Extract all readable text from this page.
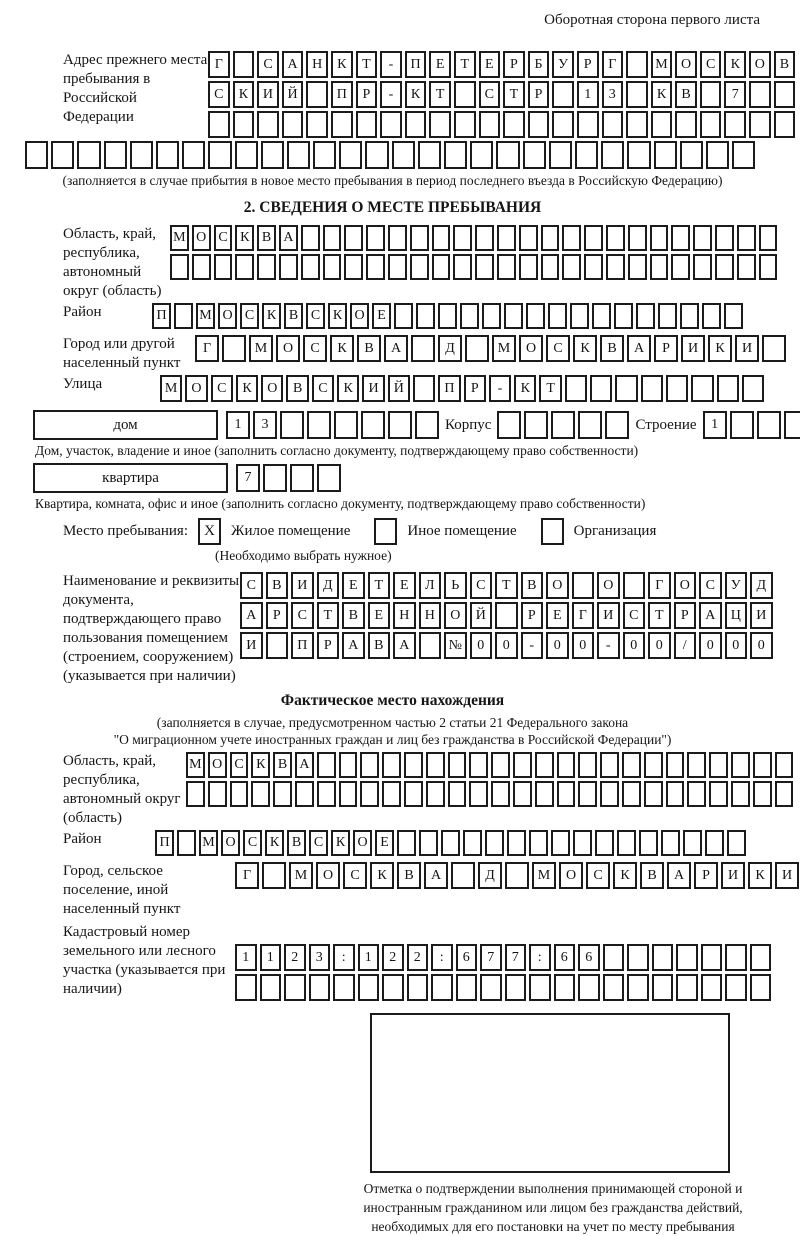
Оборотная сторона первого листа
Адрес прежнего места пребывания в Российской Федерации
Г	С	А	Н	К	Т	-	П	Е	Т	Е	Р	Б	У	Р	Г	М О	С	К	О	В
С	К	И	Й	П	Р	-	К	Т	С	Т	Р	1	3	К	В	7
(заполняется в случае прибытия в новое место пребывания в период последнего въезда в Российскую Федерацию)
2. СВЕДЕНИЯ О МЕСТЕ ПРЕБЫВАНИЯ
Область, край, республика, автономный округ (область)
М О С К В А
Район	П	М О С К В С К О Е
Город или другой населенный пункт
Г	М	О	С	К	В	А	Д	М	О	С	К	В	А	Р	И	К	И
Улица	М	О	С	К	О	В	С	К	И	Й	П	Р	-	К	Т
дом	1	3	Корпус	Строение	1
Дом, участок, владение и иное (заполнить согласно документу, подтверждающему право собственности)
квартира	7
Квартира, комната, офис и иное (заполнить согласно документу, подтверждающему право собственности)
Место пребывания:	X	Жилое помещение	Иное помещение	Организация
(Необходимо выбрать нужное)
Наименование и реквизиты документа, подтверждающего право пользования помещением (строением, сооружением) (указывается при наличии)
С	В	И	Д	Е	Т	Е	Л	Ь	С	Т	В	О	О	Г	О	С	У	Д
А	Р	С	Т	В	Е	Н	Н	О	Й	Р	Е	Г	И	С	Т	Р	А	Ц	И
И	П	Р	А	В	А	№	0	0	-	0	0	-	0	0	/	0	0	0
Фактическое место нахождения
(заполняется в случае, предусмотренном частью 2 статьи 21 Федерального закона
"О миграционном учете иностранных граждан и лиц без гражданства в Российской Федерации")
Область, край, республика, автономный округ (область)
М О С К В А
Район	П	М О С К В С К О Е
Город, сельское поселение, иной населенный пункт
Г	М	О	С	К	В	А	Д	М	О	С	К	В	А	Р	И	К	И
Кадастровый номер земельного или лесного участка (указывается при наличии)
1	1	2	3	:	1	2	2	:	6	7	7	:	6	6
Отметка о подтверждении выполнения принимающей стороной и иностранным гражданином или лицом без гражданства действий, необходимых для его постановки на учет по месту пребывания
